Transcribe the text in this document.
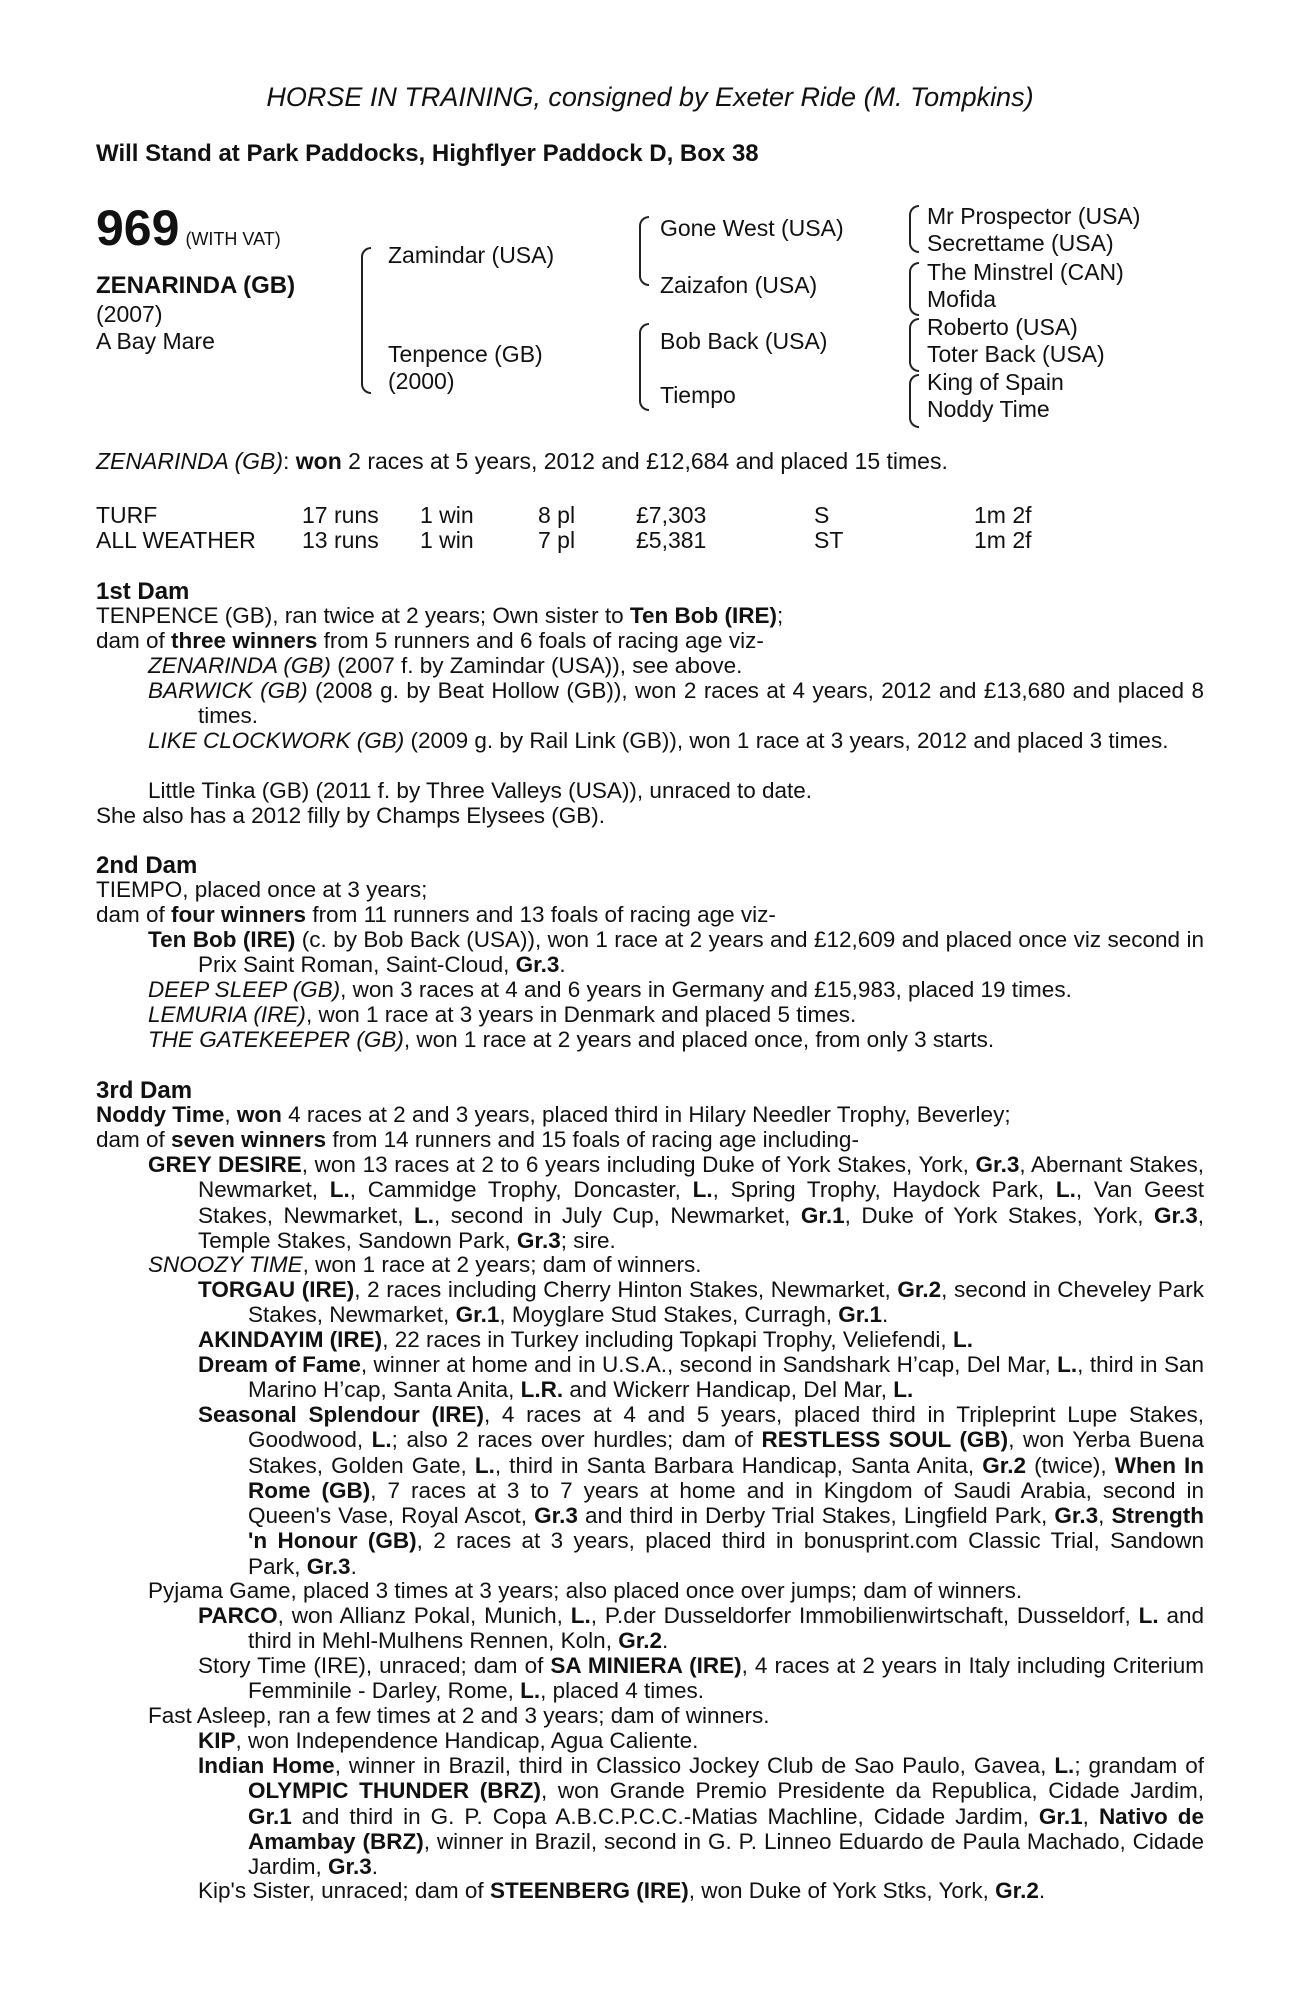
HORSE IN TRAINING, consigned by Exeter Ride (M. Tompkins)
Will Stand at Park Paddocks, Highflyer Paddock D, Box 38
969 (WITH VAT)
ZENARINDA (GB)
(2007)
A Bay Mare
Zamindar (USA)
Tenpence (GB)
(2000)
Gone West (USA)
Zaizafon (USA)
Bob Back (USA)
Tiempo
Mr Prospector (USA)
Secrettame (USA)
The Minstrel (CAN)
Mofida
Roberto (USA)
Toter Back (USA)
King of Spain
Noddy Time
ZENARINDA (GB): won 2 races at 5 years, 2012 and £12,684 and placed 15 times.
TURF	17 runs 1 win	8 pl	£7,303	S	1m 2f
ALL WEATHER 13 runs 1 win	7 pl	£5,381	ST	1m 2f
1st Dam
TENPENCE (GB), ran twice at 2 years; Own sister to Ten Bob (IRE);
dam of three winners from 5 runners and 6 foals of racing age viz-
ZENARINDA (GB) (2007 f. by Zamindar (USA)), see above.
BARWICK (GB) (2008 g. by Beat Hollow (GB)), won 2 races at 4 years, 2012 and £13,680 and placed 8 times.
LIKE CLOCKWORK (GB) (2009 g. by Rail Link (GB)), won 1 race at 3 years, 2012 and placed 3 times.
Little Tinka (GB) (2011 f. by Three Valleys (USA)), unraced to date.
She also has a 2012 filly by Champs Elysees (GB).
2nd Dam
TIEMPO, placed once at 3 years;
dam of four winners from 11 runners and 13 foals of racing age viz-
Ten Bob (IRE) (c. by Bob Back (USA)), won 1 race at 2 years and £12,609 and placed once viz second in Prix Saint Roman, Saint-Cloud, Gr.3.
DEEP SLEEP (GB), won 3 races at 4 and 6 years in Germany and £15,983, placed 19 times.
LEMURIA (IRE), won 1 race at 3 years in Denmark and placed 5 times.
THE GATEKEEPER (GB), won 1 race at 2 years and placed once, from only 3 starts.
3rd Dam
Noddy Time, won 4 races at 2 and 3 years, placed third in Hilary Needler Trophy, Beverley;
dam of seven winners from 14 runners and 15 foals of racing age including-
GREY DESIRE, won 13 races at 2 to 6 years including Duke of York Stakes, York, Gr.3, Abernant Stakes, Newmarket, L., Cammidge Trophy, Doncaster, L., Spring Trophy, Haydock Park, L., Van Geest Stakes, Newmarket, L., second in July Cup, Newmarket, Gr.1, Duke of York Stakes, York, Gr.3, Temple Stakes, Sandown Park, Gr.3; sire.
SNOOZY TIME, won 1 race at 2 years; dam of winners.
TORGAU (IRE), 2 races including Cherry Hinton Stakes, Newmarket, Gr.2, second in Cheveley Park Stakes, Newmarket, Gr.1, Moyglare Stud Stakes, Curragh, Gr.1.
AKINDAYIM (IRE), 22 races in Turkey including Topkapi Trophy, Veliefendi, L.
Dream of Fame, winner at home and in U.S.A., second in Sandshark H’cap, Del Mar, L., third in San Marino H’cap, Santa Anita, L.R. and Wickerr Handicap, Del Mar, L.
Seasonal Splendour (IRE), 4 races at 4 and 5 years, placed third in Tripleprint Lupe Stakes, Goodwood, L.; also 2 races over hurdles; dam of RESTLESS SOUL (GB), won Yerba Buena Stakes, Golden Gate, L., third in Santa Barbara Handicap, Santa Anita, Gr.2 (twice), When In Rome (GB), 7 races at 3 to 7 years at home and in Kingdom of Saudi Arabia, second in Queen's Vase, Royal Ascot, Gr.3 and third in Derby Trial Stakes, Lingfield Park, Gr.3, Strength 'n Honour (GB), 2 races at 3 years, placed third in bonusprint.com Classic Trial, Sandown Park, Gr.3.
Pyjama Game, placed 3 times at 3 years; also placed once over jumps; dam of winners.
PARCO, won Allianz Pokal, Munich, L., P.der Dusseldorfer Immobilienwirtschaft, Dusseldorf, L. and third in Mehl-Mulhens Rennen, Koln, Gr.2.
Story Time (IRE), unraced; dam of SA MINIERA (IRE), 4 races at 2 years in Italy including Criterium Femminile - Darley, Rome, L., placed 4 times.
Fast Asleep, ran a few times at 2 and 3 years; dam of winners.
KIP, won Independence Handicap, Agua Caliente.
Indian Home, winner in Brazil, third in Classico Jockey Club de Sao Paulo, Gavea, L.; grandam of OLYMPIC THUNDER (BRZ), won Grande Premio Presidente da Republica, Cidade Jardim, Gr.1 and third in G. P. Copa A.B.C.P.C.C.-Matias Machline, Cidade Jardim, Gr.1, Nativo de Amambay (BRZ), winner in Brazil, second in G. P. Linneo Eduardo de Paula Machado, Cidade Jardim, Gr.3.
Kip's Sister, unraced; dam of STEENBERG (IRE), won Duke of York Stks, York, Gr.2.
